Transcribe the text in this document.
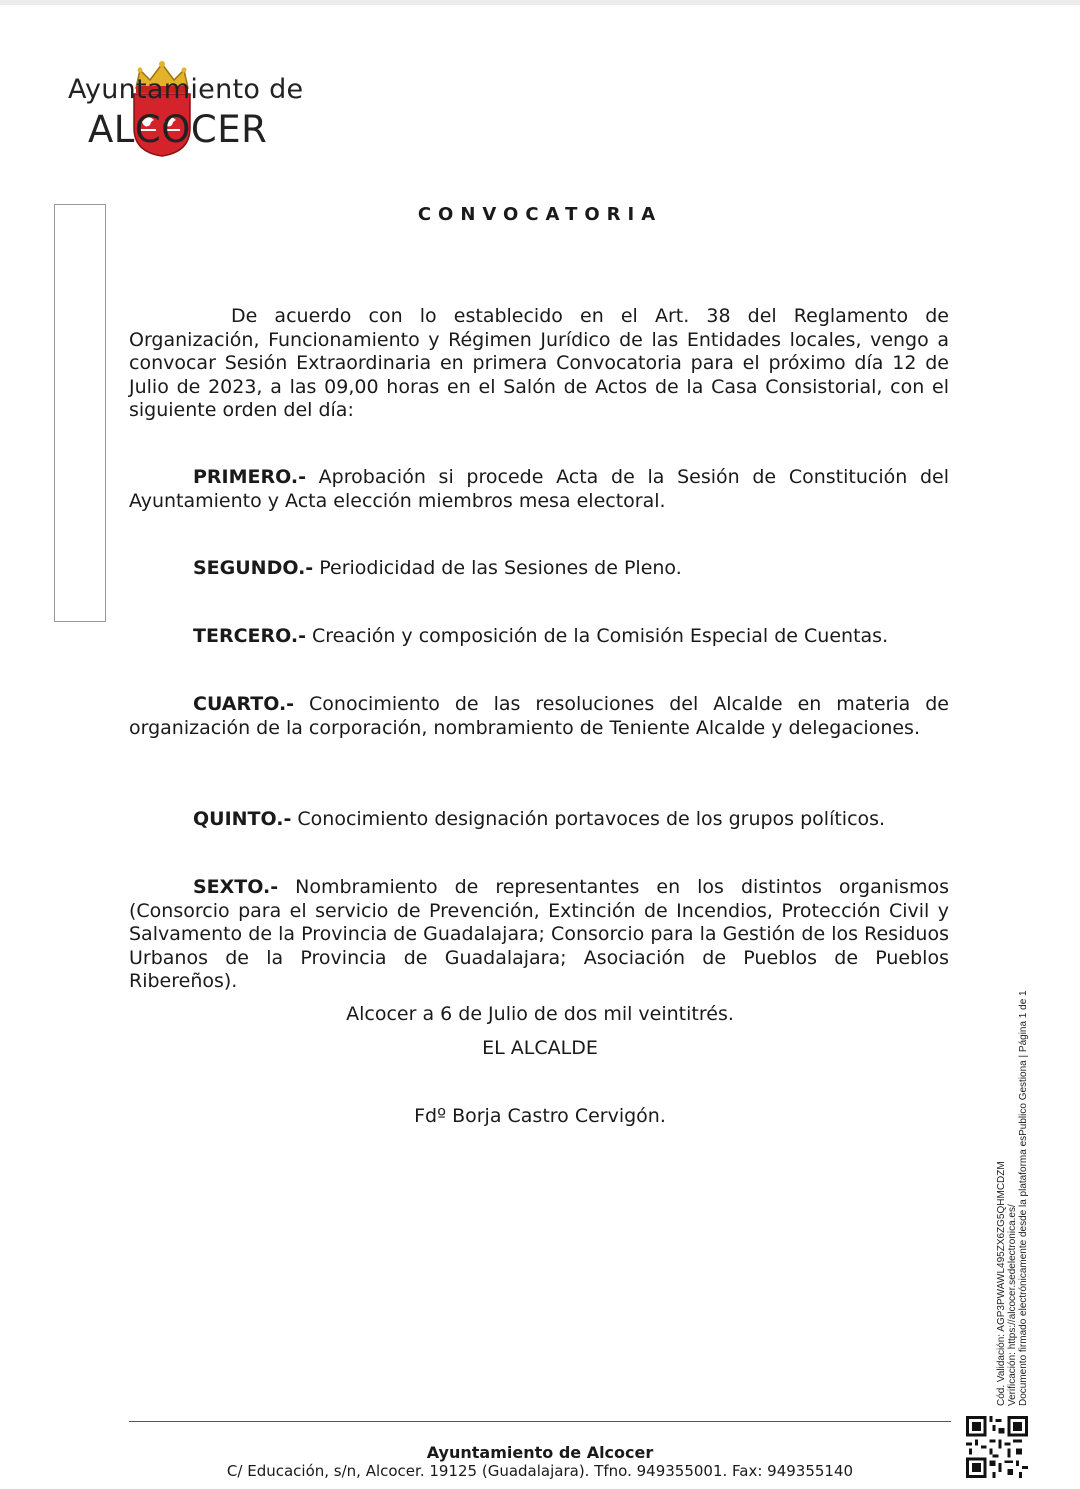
Ayuntamiento de
ALCOCER
CONVOCATORIA

De acuerdo con lo establecido en el Art. 38 del Reglamento de Organización, Funcionamiento y Régimen Jurídico de las Entidades locales, vengo a convocar Sesión Extraordinaria en primera Convocatoria para el próximo día 12 de Julio de 2023, a las 09,00 horas en el Salón de Actos de la Casa Consistorial, con el siguiente orden del día:

PRIMERO.- Aprobación si procede Acta de la Sesión de Constitución del Ayuntamiento y Acta elección miembros mesa electoral.

SEGUNDO.- Periodicidad de las Sesiones de Pleno.

TERCERO.- Creación y composición de la Comisión Especial de Cuentas.

CUARTO.- Conocimiento de las resoluciones del Alcalde en materia de organización de la corporación, nombramiento de Teniente Alcalde y delegaciones.

QUINTO.- Conocimiento designación portavoces de los grupos políticos.

SEXTO.- Nombramiento de representantes en los distintos organismos (Consorcio para el servicio de Prevención, Extinción de Incendios, Protección Civil y Salvamento de la Provincia de Guadalajara; Consorcio para la Gestión de los Residuos Urbanos de la Provincia de Guadalajara; Asociación de Pueblos de Pueblos Ribereños).

Alcocer a 6 de Julio de dos mil veintitrés.
EL ALCALDE
Fdº Borja Castro Cervigón.
Cód. Validación: AGP3PWAWL495ZX6ZG5QHMCDZM Verificación: https://alcocer.sedelectronica.es/ Documento firmado electrónicamente desde la plataforma esPublico Gestiona | Página 1 de 1
Ayuntamiento de Alcocer
C/ Educación, s/n, Alcocer. 19125 (Guadalajara). Tfno. 949355001. Fax: 949355140
